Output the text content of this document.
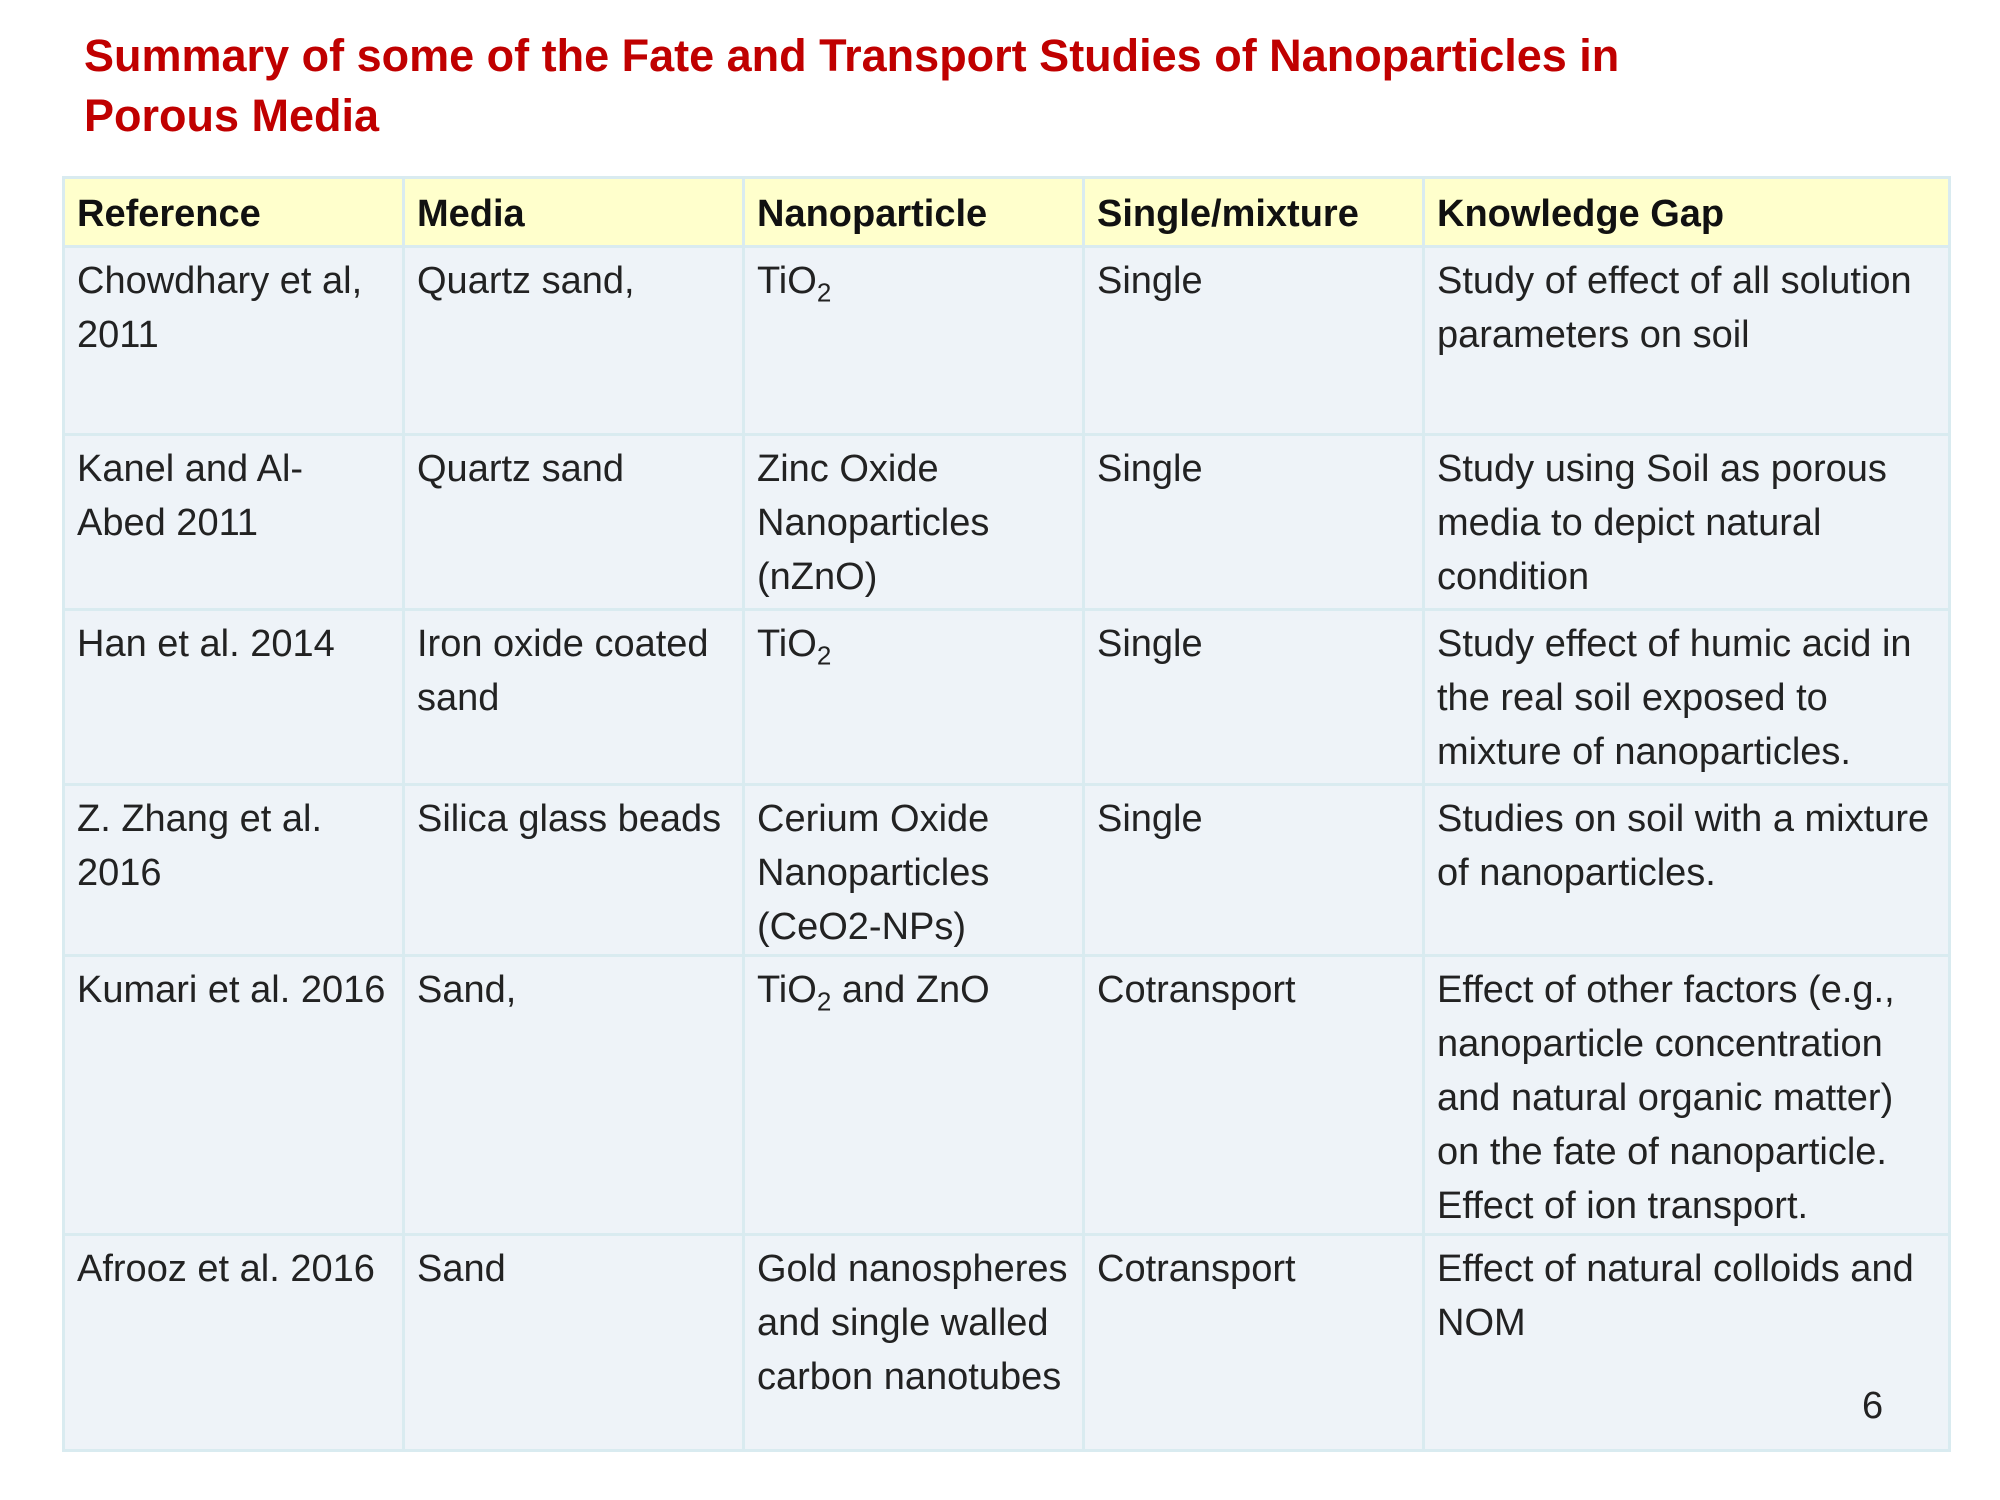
Summary of some of the Fate and Transport Studies of Nanoparticles in
Porous Media
Reference	Media	Nanoparticle	Single/mixture	Knowledge Gap
Chowdhary et al, 2011	Quartz sand,	TiO$_2$	Single	Study of effect of all solution parameters on soil
Kanel and Al-Abed 2011	Quartz sand	Zinc Oxide Nanoparticles (nZnO)	Single	Study using Soil as porous media to depict natural condition
Han et al. 2014	Iron oxide coated sand	TiO$_2$	Single	Study effect of humic acid in the real soil exposed to mixture of nanoparticles.
Z. Zhang et al. 2016	Silica glass beads	Cerium Oxide Nanoparticles (CeO2-NPs)	Single	Studies on soil with a mixture of nanoparticles.
Kumari et al. 2016	Sand,	TiO$_2$ and ZnO	Cotransport	Effect of other factors (e.g., nanoparticle concentration and natural organic matter) on the fate of nanoparticle. Effect of ion transport.
Afrooz et al. 2016	Sand	Gold nanospheres and single walled carbon nanotubes	Cotransport	Effect of natural colloids and NOM
6
